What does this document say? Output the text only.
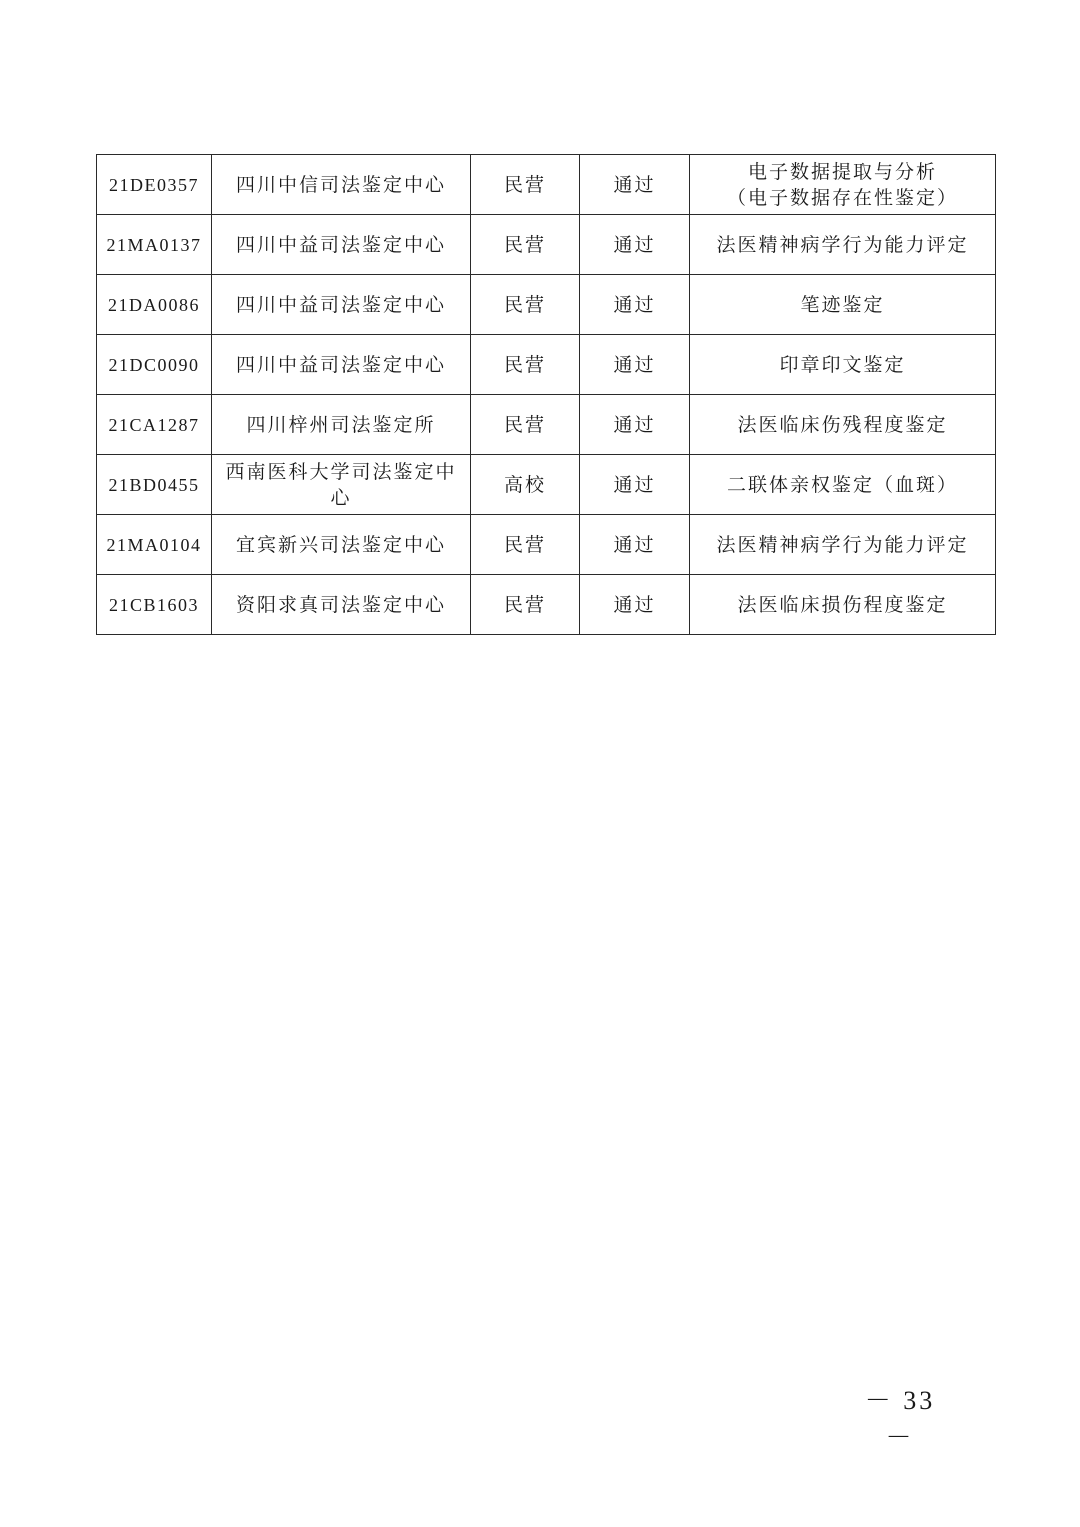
21DE0357	四川中信司法鉴定中心	民营	通过	电子数据提取与分析
（电子数据存在性鉴定）

21MA0137	四川中益司法鉴定中心	民营	通过	法医精神病学行为能力评定

21DA0086	四川中益司法鉴定中心	民营	通过	笔迹鉴定

21DC0090	四川中益司法鉴定中心	民营	通过	印章印文鉴定

21CA1287	四川梓州司法鉴定所	民营	通过	法医临床伤残程度鉴定

21BD0455	西南医科大学司法鉴定中心	高校	通过	二联体亲权鉴定（血斑）

21MA0104	宜宾新兴司法鉴定中心	民营	通过	法医精神病学行为能力评定

21CB1603	资阳求真司法鉴定中心	民营	通过	法医临床损伤程度鉴定
－ 33 －
